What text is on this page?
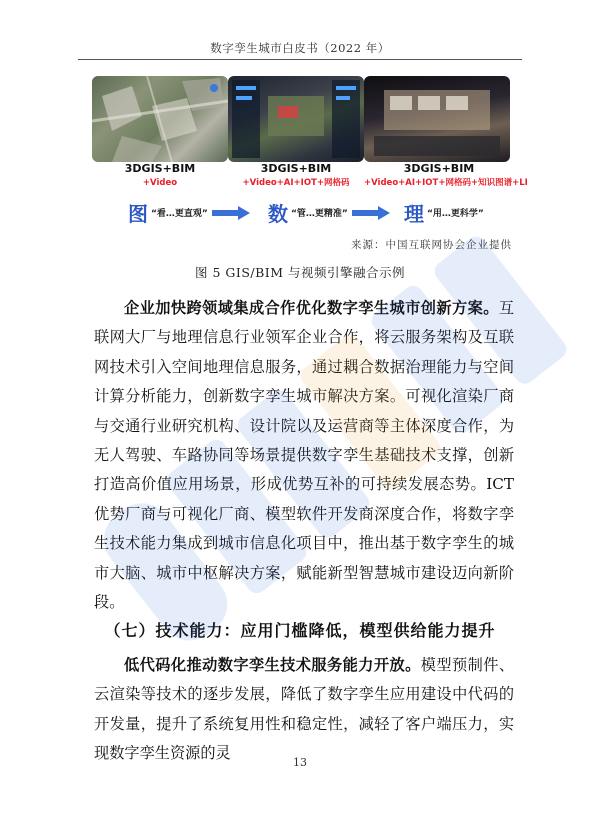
数字孪生城市白皮书（2022 年）
3DGIS+BIM
+Video
3DGIS+BIM
+Video+AI+IOT+网格码
3DGIS+BIM
+Video+AI+IOT+网格码+知识图谱+LI
图 “看…更直观”	数 “管…更精准”	理 “用…更科学”
来源：中国互联网协会企业提供
图 5 GIS/BIM 与视频引擎融合示例
企业加快跨领域集成合作优化数字孪生城市创新方案。互联网大厂与地理信息行业领军企业合作，将云服务架构及互联网技术引入空间地理信息服务，通过耦合数据治理能力与空间计算分析能力，创新数字孪生城市解决方案。可视化渲染厂商与交通行业研究机构、设计院以及运营商等主体深度合作，为无人驾驶、车路协同等场景提供数字孪生基础技术支撑，创新打造高价值应用场景，形成优势互补的可持续发展态势。ICT 优势厂商与可视化厂商、模型软件开发商深度合作，将数字孪生技术能力集成到城市信息化项目中，推出基于数字孪生的城市大脑、城市中枢解决方案，赋能新型智慧城市建设迈向新阶段。
（七）技术能力：应用门槛降低，模型供给能力提升
低代码化推动数字孪生技术服务能力开放。模型预制件、云渲染等技术的逐步发展，降低了数字孪生应用建设中代码的开发量，提升了系统复用性和稳定性，减轻了客户端压力，实现数字孪生资源的灵
13
